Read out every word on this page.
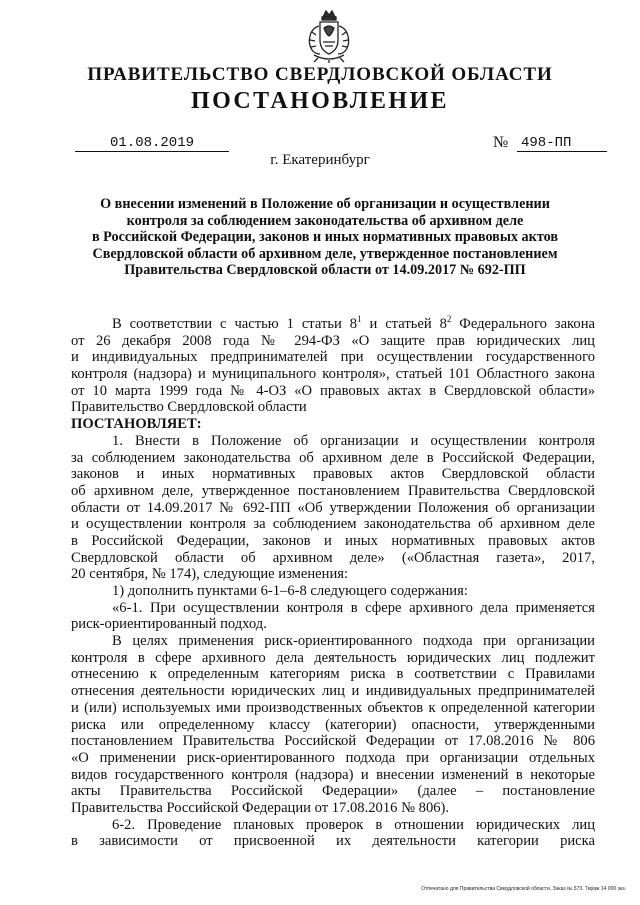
ПРАВИТЕЛЬСТВО СВЕРДЛОВСКОЙ ОБЛАСТИ
ПОСТАНОВЛЕНИЕ
01.08.2019	№ 498-ПП
г. Екатеринбург
О внесении изменений в Положение об организации и осуществлении
контроля за соблюдением законодательства об архивном деле
в Российской Федерации, законов и иных нормативных правовых актов
Свердловской области об архивном деле, утвержденное постановлением
Правительства Свердловской области от 14.09.2017 № 692-ПП
В соответствии с частью 1 статьи $8^1$ и статьей $8^2$ Федерального закона
от 26 декабря 2008 года № 294-ФЗ «О защите прав юридических лиц
и индивидуальных предпринимателей при осуществлении государственного
контроля (надзора) и муниципального контроля», статьей 101 Областного закона
от 10 марта 1999 года № 4-ОЗ «О правовых актах в Свердловской области»
Правительство Свердловской области
ПОСТАНОВЛЯЕТ:
1. Внести в Положение об организации и осуществлении контроля
за соблюдением законодательства об архивном деле в Российской Федерации,
законов и иных нормативных правовых актов Свердловской области
об архивном деле, утвержденное постановлением Правительства Свердловской
области от 14.09.2017 № 692-ПП «Об утверждении Положения об организации
и осуществлении контроля за соблюдением законодательства об архивном деле
в Российской Федерации, законов и иных нормативных правовых актов
Свердловской области об архивном деле» («Областная газета», 2017,
20 сентября, № 174), следующие изменения:
1) дополнить пунктами 6-1–6-8 следующего содержания:
«6-1. При осуществлении контроля в сфере архивного дела применяется
риск-ориентированный подход.
В целях применения риск-ориентированного подхода при организации
контроля в сфере архивного дела деятельность юридических лиц подлежит
отнесению к определенным категориям риска в соответствии с Правилами
отнесения деятельности юридических лиц и индивидуальных предпринимателей
и (или) используемых ими производственных объектов к определенной категории
риска или определенному классу (категории) опасности, утвержденными
постановлением Правительства Российской Федерации от 17.08.2016 № 806
«О применении риск-ориентированного подхода при организации отдельных
видов государственного контроля (надзора) и внесении изменений в некоторые
акты Правительства Российской Федерации» (далее – постановление
Правительства Российской Федерации от 17.08.2016 № 806).
6-2. Проведение плановых проверок в отношении юридических лиц
в зависимости от присвоенной их деятельности категории риска
Отпечатано для Правительства Свердловской области. Заказ № 573. Тираж 14 000 экз.
